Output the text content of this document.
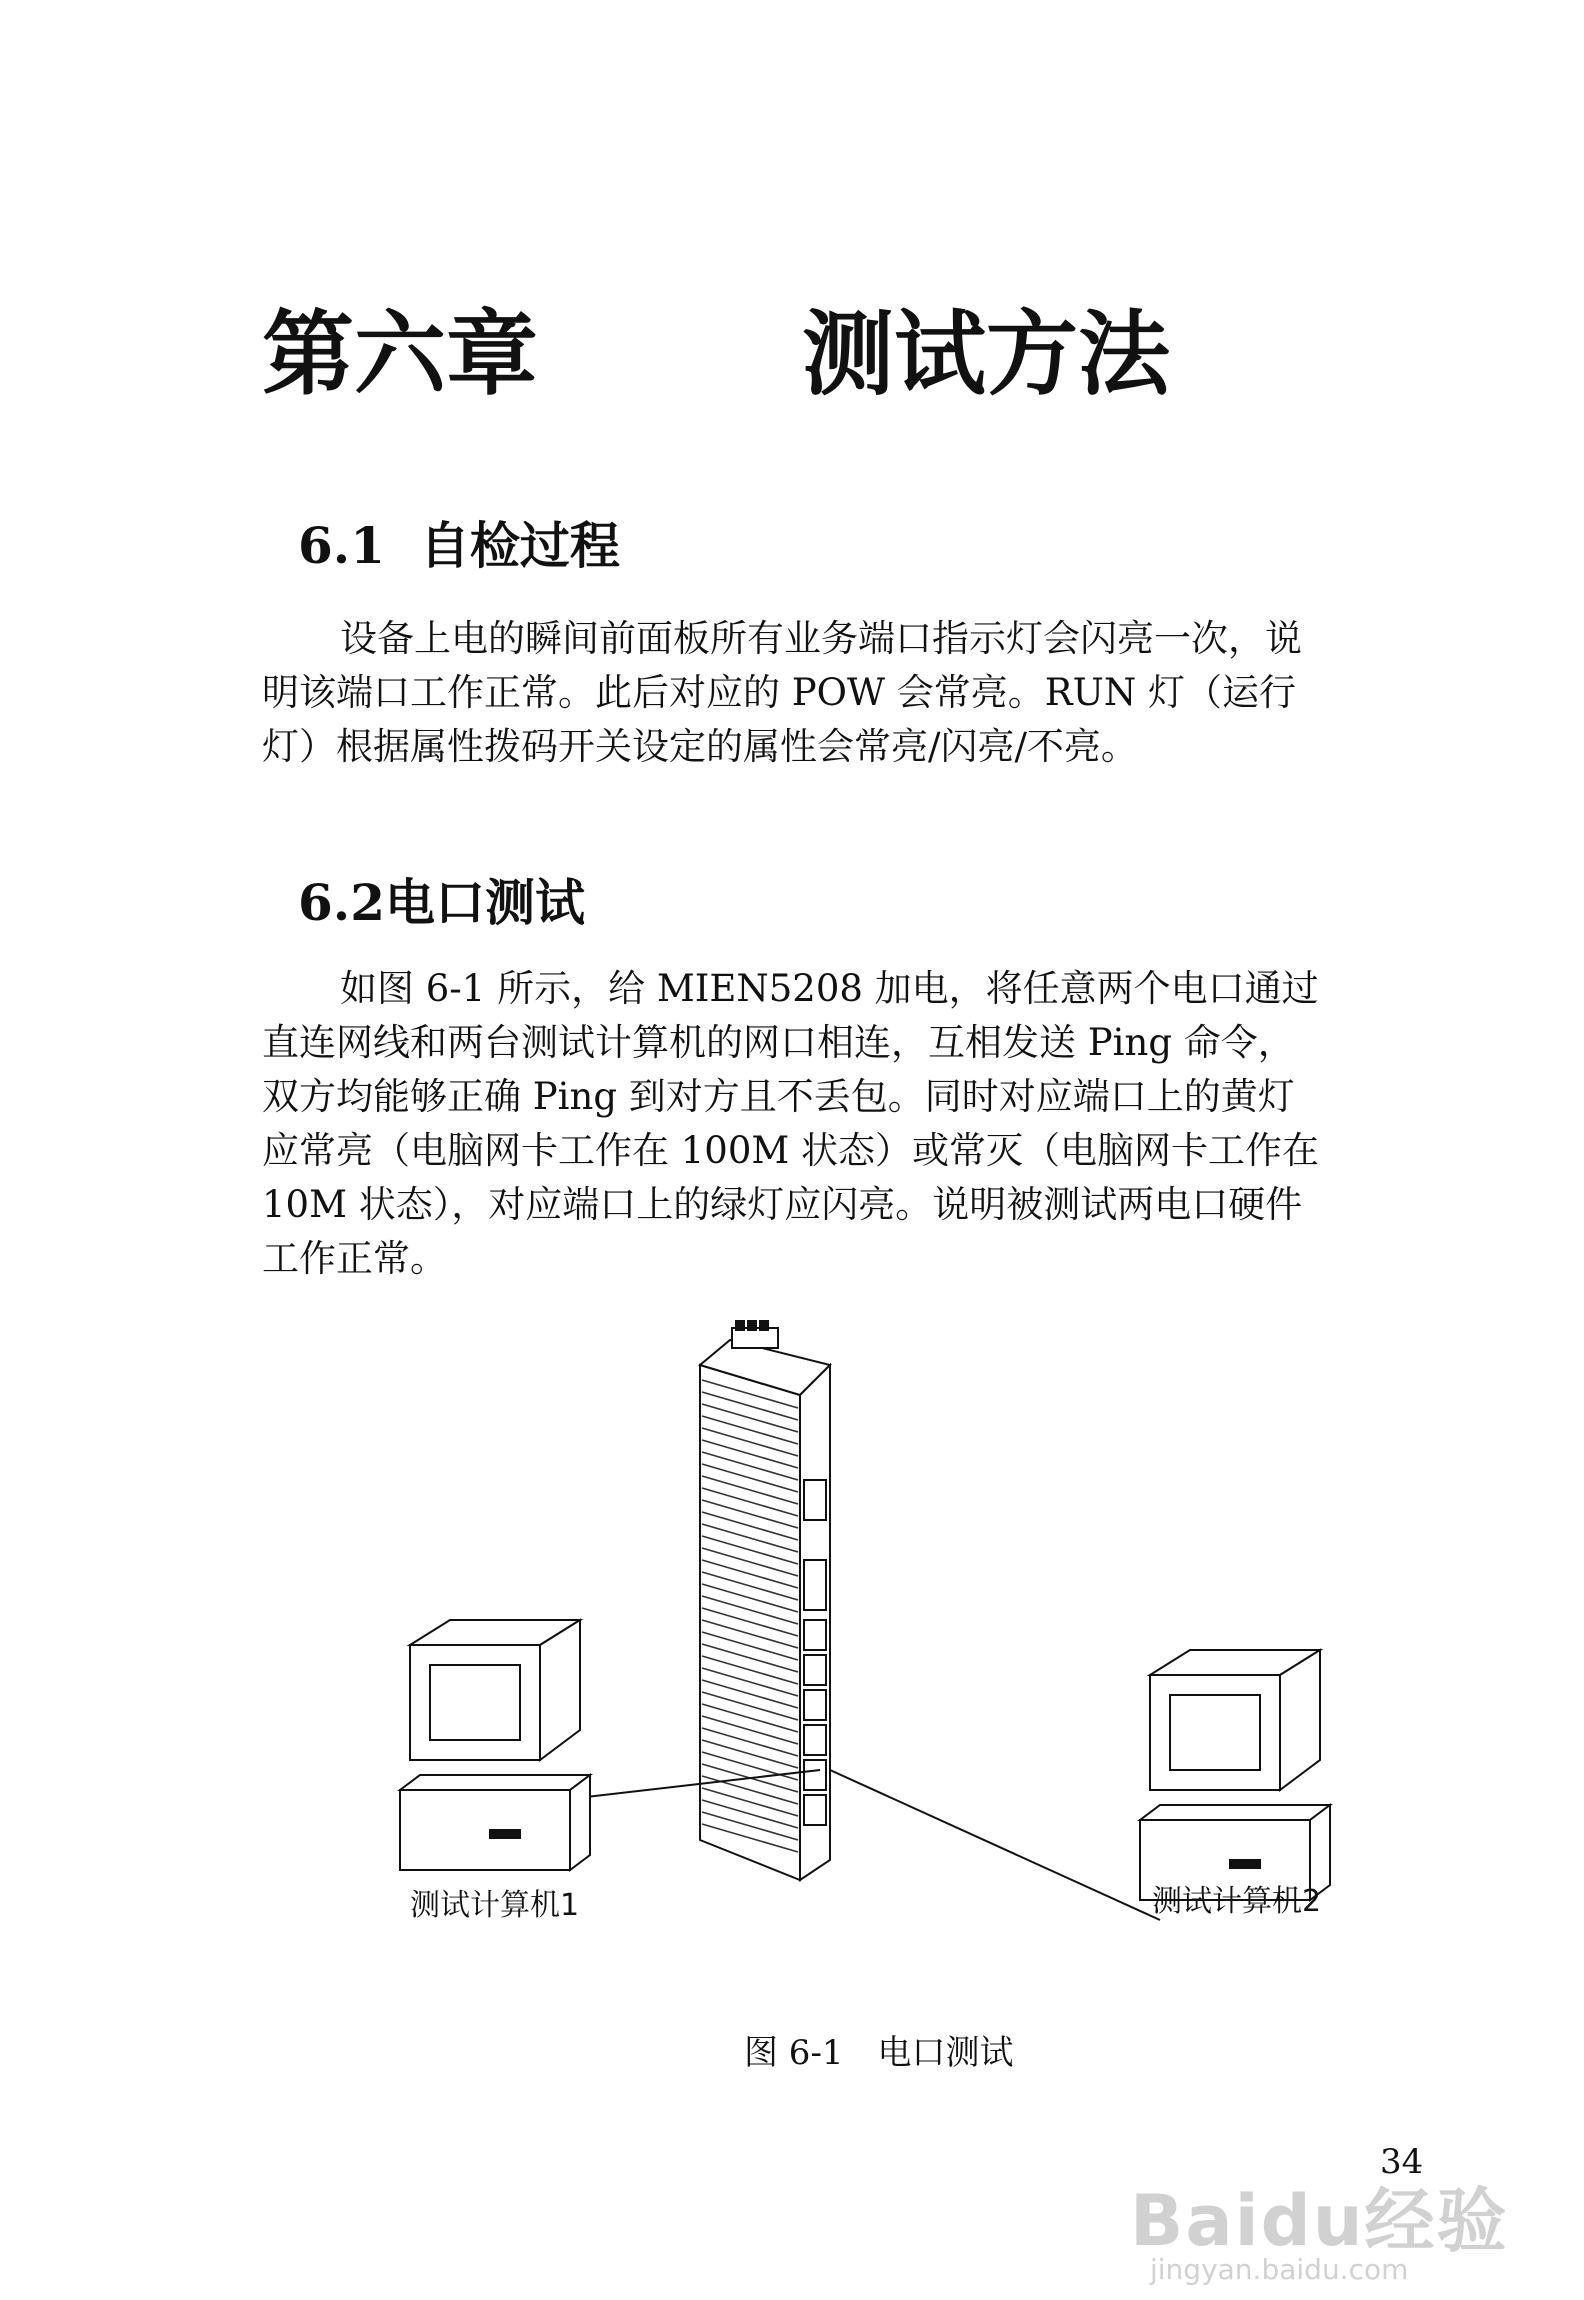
第六章	测试方法
6.1 自检过程

设备上电的瞬间前面板所有业务端口指示灯会闪亮一次，说
明该端口工作正常。此后对应的 POW 会常亮。RUN 灯（运行
灯）根据属性拨码开关设定的属性会常亮/闪亮/不亮。

6.2电口测试

如图 6-1 所示，给 MIEN5208 加电，将任意两个电口通过
直连网线和两台测试计算机的网口相连，互相发送 Ping 命令，
双方均能够正确 Ping 到对方且不丢包。同时对应端口上的黄灯
应常亮（电脑网卡工作在 100M 状态）或常灭（电脑网卡工作在
10M 状态），对应端口上的绿灯应闪亮。说明被测试两电口硬件
工作正常。

测试计算机1	测试计算机2
图 6-1　电口测试
Baidu经验
jingyan.baidu.com
34
